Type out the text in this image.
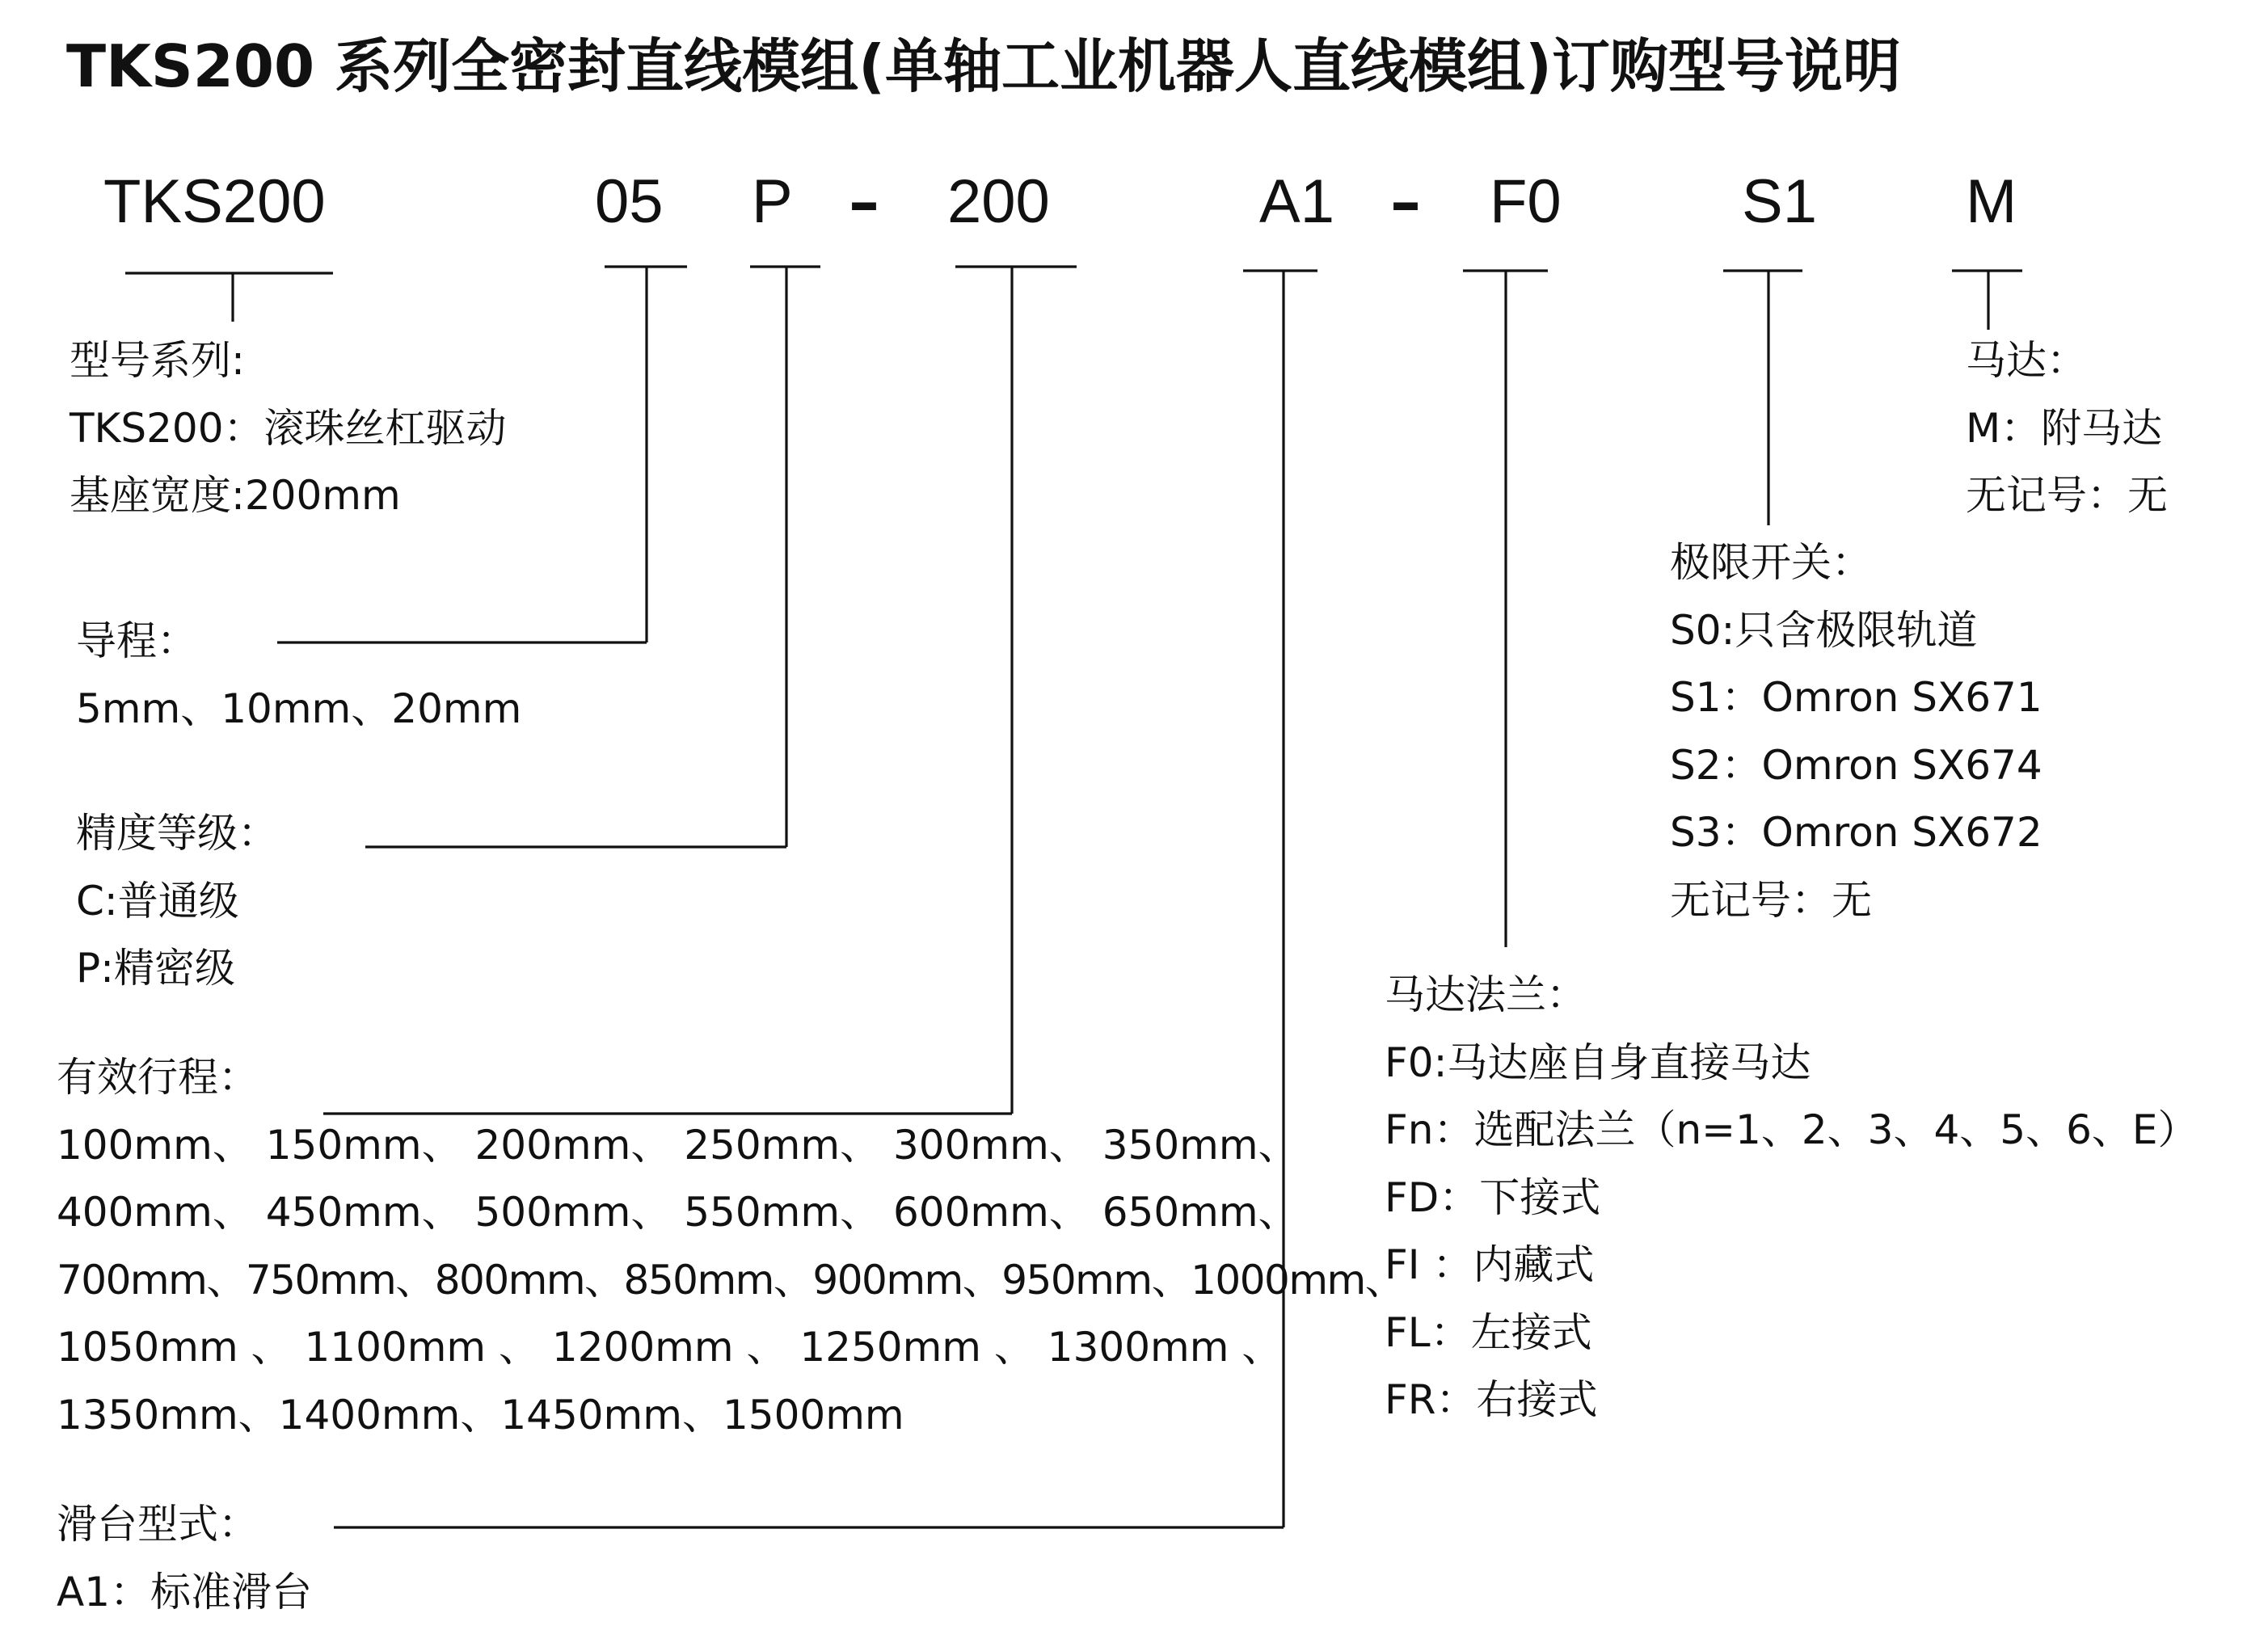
TKS200 系列全密封直线模组(单轴工业机器人直线模组)订购型号说明
TKS200	05 P – 200	A1 – F0	S1 M
型号系列:
TKS200：滚珠丝杠驱动
基座宽度:200mm
导程：
5mm、10mm、20mm
精度等级：
C:普通级
P:精密级
有效行程：
100mm、 150mm、 200mm、 250mm、 300mm、 350mm、
400mm、 450mm、 500mm、 550mm、 600mm、 650mm、
700mm、750mm、800mm、850mm、900mm、950mm、1000mm、
1050mm 、 1100mm 、 1200mm 、 1250mm 、 1300mm 、
1350mm、1400mm、1450mm、1500mm
滑台型式：
A1：标准滑台
马达：
M：附马达
无记号：无
极限开关：
S0:只含极限轨道
S1：Omron SX671
S2：Omron SX674
S3：Omron SX672
无记号：无
马达法兰：
F0:马达座自身直接马达
Fn：选配法兰（n=1、2、3、4、5、6、E）
FD：下接式
FI ：内藏式
FL：左接式
FR：右接式
